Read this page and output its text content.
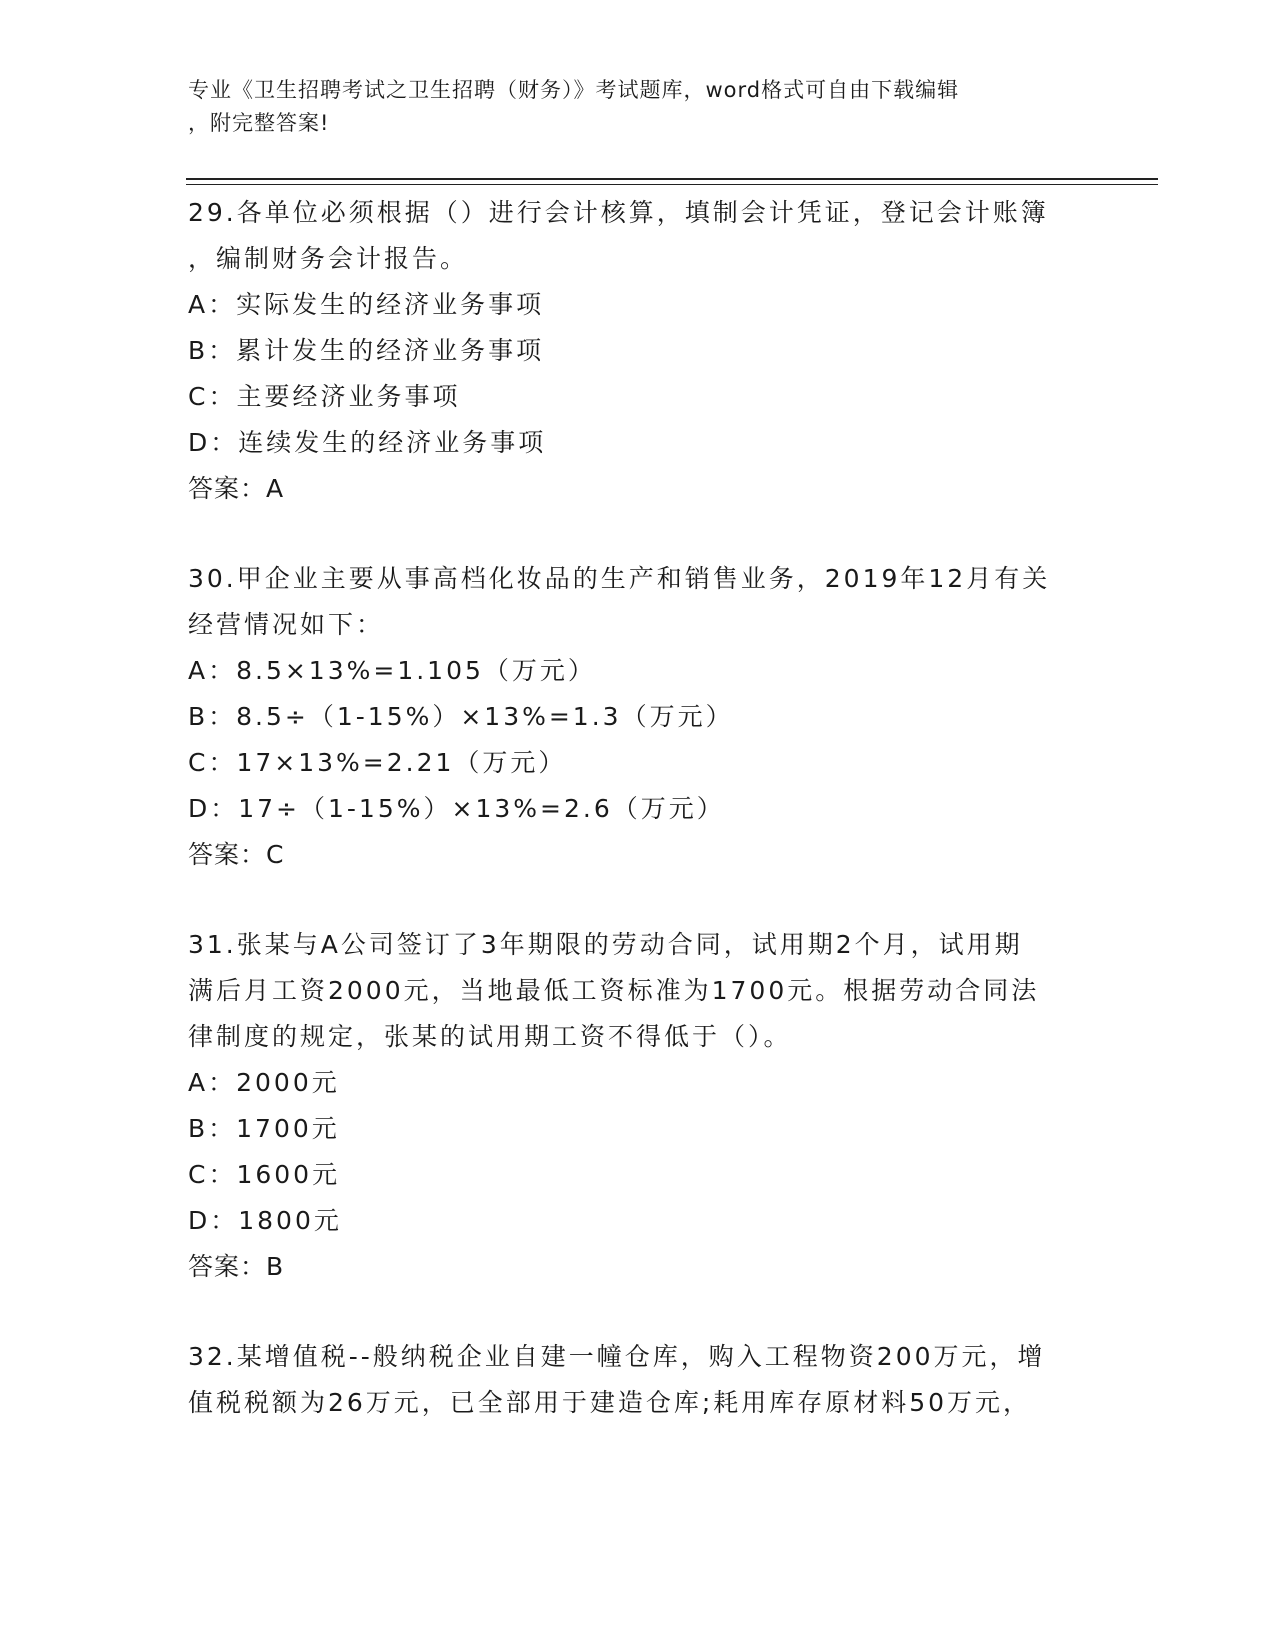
专业《卫生招聘考试之卫生招聘（财务）》考试题库，word格式可自由下载编辑
，附完整答案!
29.各单位必须根据（）进行会计核算，填制会计凭证，登记会计账簿
，编制财务会计报告。
A：实际发生的经济业务事项
B：累计发生的经济业务事项
C：主要经济业务事项
D：连续发生的经济业务事项
答案：A
30.甲企业主要从事高档化妆品的生产和销售业务，2019年12月有关
经营情况如下：
A：8.5×13%=1.105（万元）
B：8.5÷（1-15%）×13%=1.3（万元）
C：17×13%=2.21（万元）
D：17÷（1-15%）×13%=2.6（万元）
答案：C
31.张某与A公司签订了3年期限的劳动合同，试用期2个月，试用期
满后月工资2000元，当地最低工资标准为1700元。根据劳动合同法
律制度的规定，张某的试用期工资不得低于（）。
A：2000元
B：1700元
C：1600元
D：1800元
答案：B
32.某增值税--般纳税企业自建一幢仓库，购入工程物资200万元，增
值税税额为26万元，已全部用于建造仓库;耗用库存原材料50万元，
